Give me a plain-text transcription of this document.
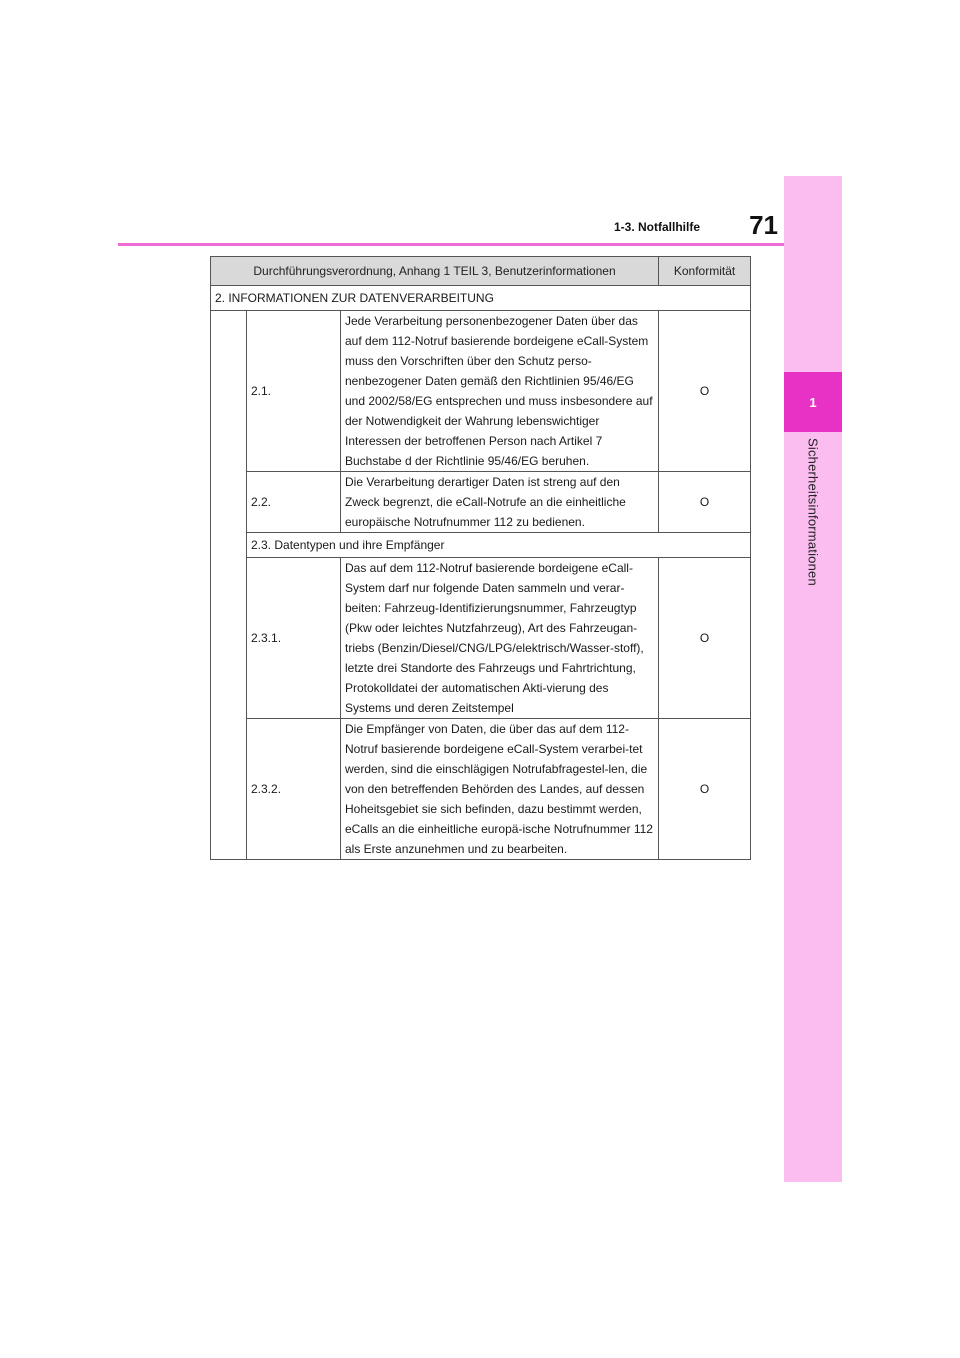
1
Sicherheitsinformationen
1-3. Notfallhilfe	71
Durchführungsverordnung, Anhang 1 TEIL 3, Benutzerinformationen			Konformität
2. INFORMATIONEN ZUR DATENVERARBEITUNG			
	2.1.	Jede Verarbeitung personenbezogener Daten über das auf dem 112-Notruf basierende bordeigene eCall-System muss den Vorschriften über den Schutz perso-nenbezogener Daten gemäß den Richtlinien 95/46/EG und 2002/58/EG entsprechen und muss insbesondere auf der Notwendigkeit der Wahrung lebenswichtiger Interessen der betroffenen Person nach Artikel 7 Buchstabe d der Richtlinie 95/46/EG beruhen.	O
	2.2.	Die Verarbeitung derartiger Daten ist streng auf den Zweck begrenzt, die eCall-Notrufe an die einheitliche europäische Notrufnummer 112 zu bedienen.	O
	2.3. Datentypen und ihre Empfänger		
	2.3.1.	Das auf dem 112-Notruf basierende bordeigene eCall-System darf nur folgende Daten sammeln und verar-beiten: Fahrzeug-Identifizierungsnummer, Fahrzeugtyp (Pkw oder leichtes Nutzfahrzeug), Art des Fahrzeugan-triebs (Benzin/Diesel/CNG/LPG/elektrisch/Wasser-stoff), letzte drei Standorte des Fahrzeugs und Fahrtrichtung, Protokolldatei der automatischen Akti-vierung des Systems und deren Zeitstempel	O
	2.3.2.	Die Empfänger von Daten, die über das auf dem 112-Notruf basierende bordeigene eCall-System verarbei-tet werden, sind die einschlägigen Notrufabfragestel-len, die von den betreffenden Behörden des Landes, auf dessen Hoheitsgebiet sie sich befinden, dazu bestimmt werden, eCalls an die einheitliche europä-ische Notrufnummer 112 als Erste anzunehmen und zu bearbeiten.	O
